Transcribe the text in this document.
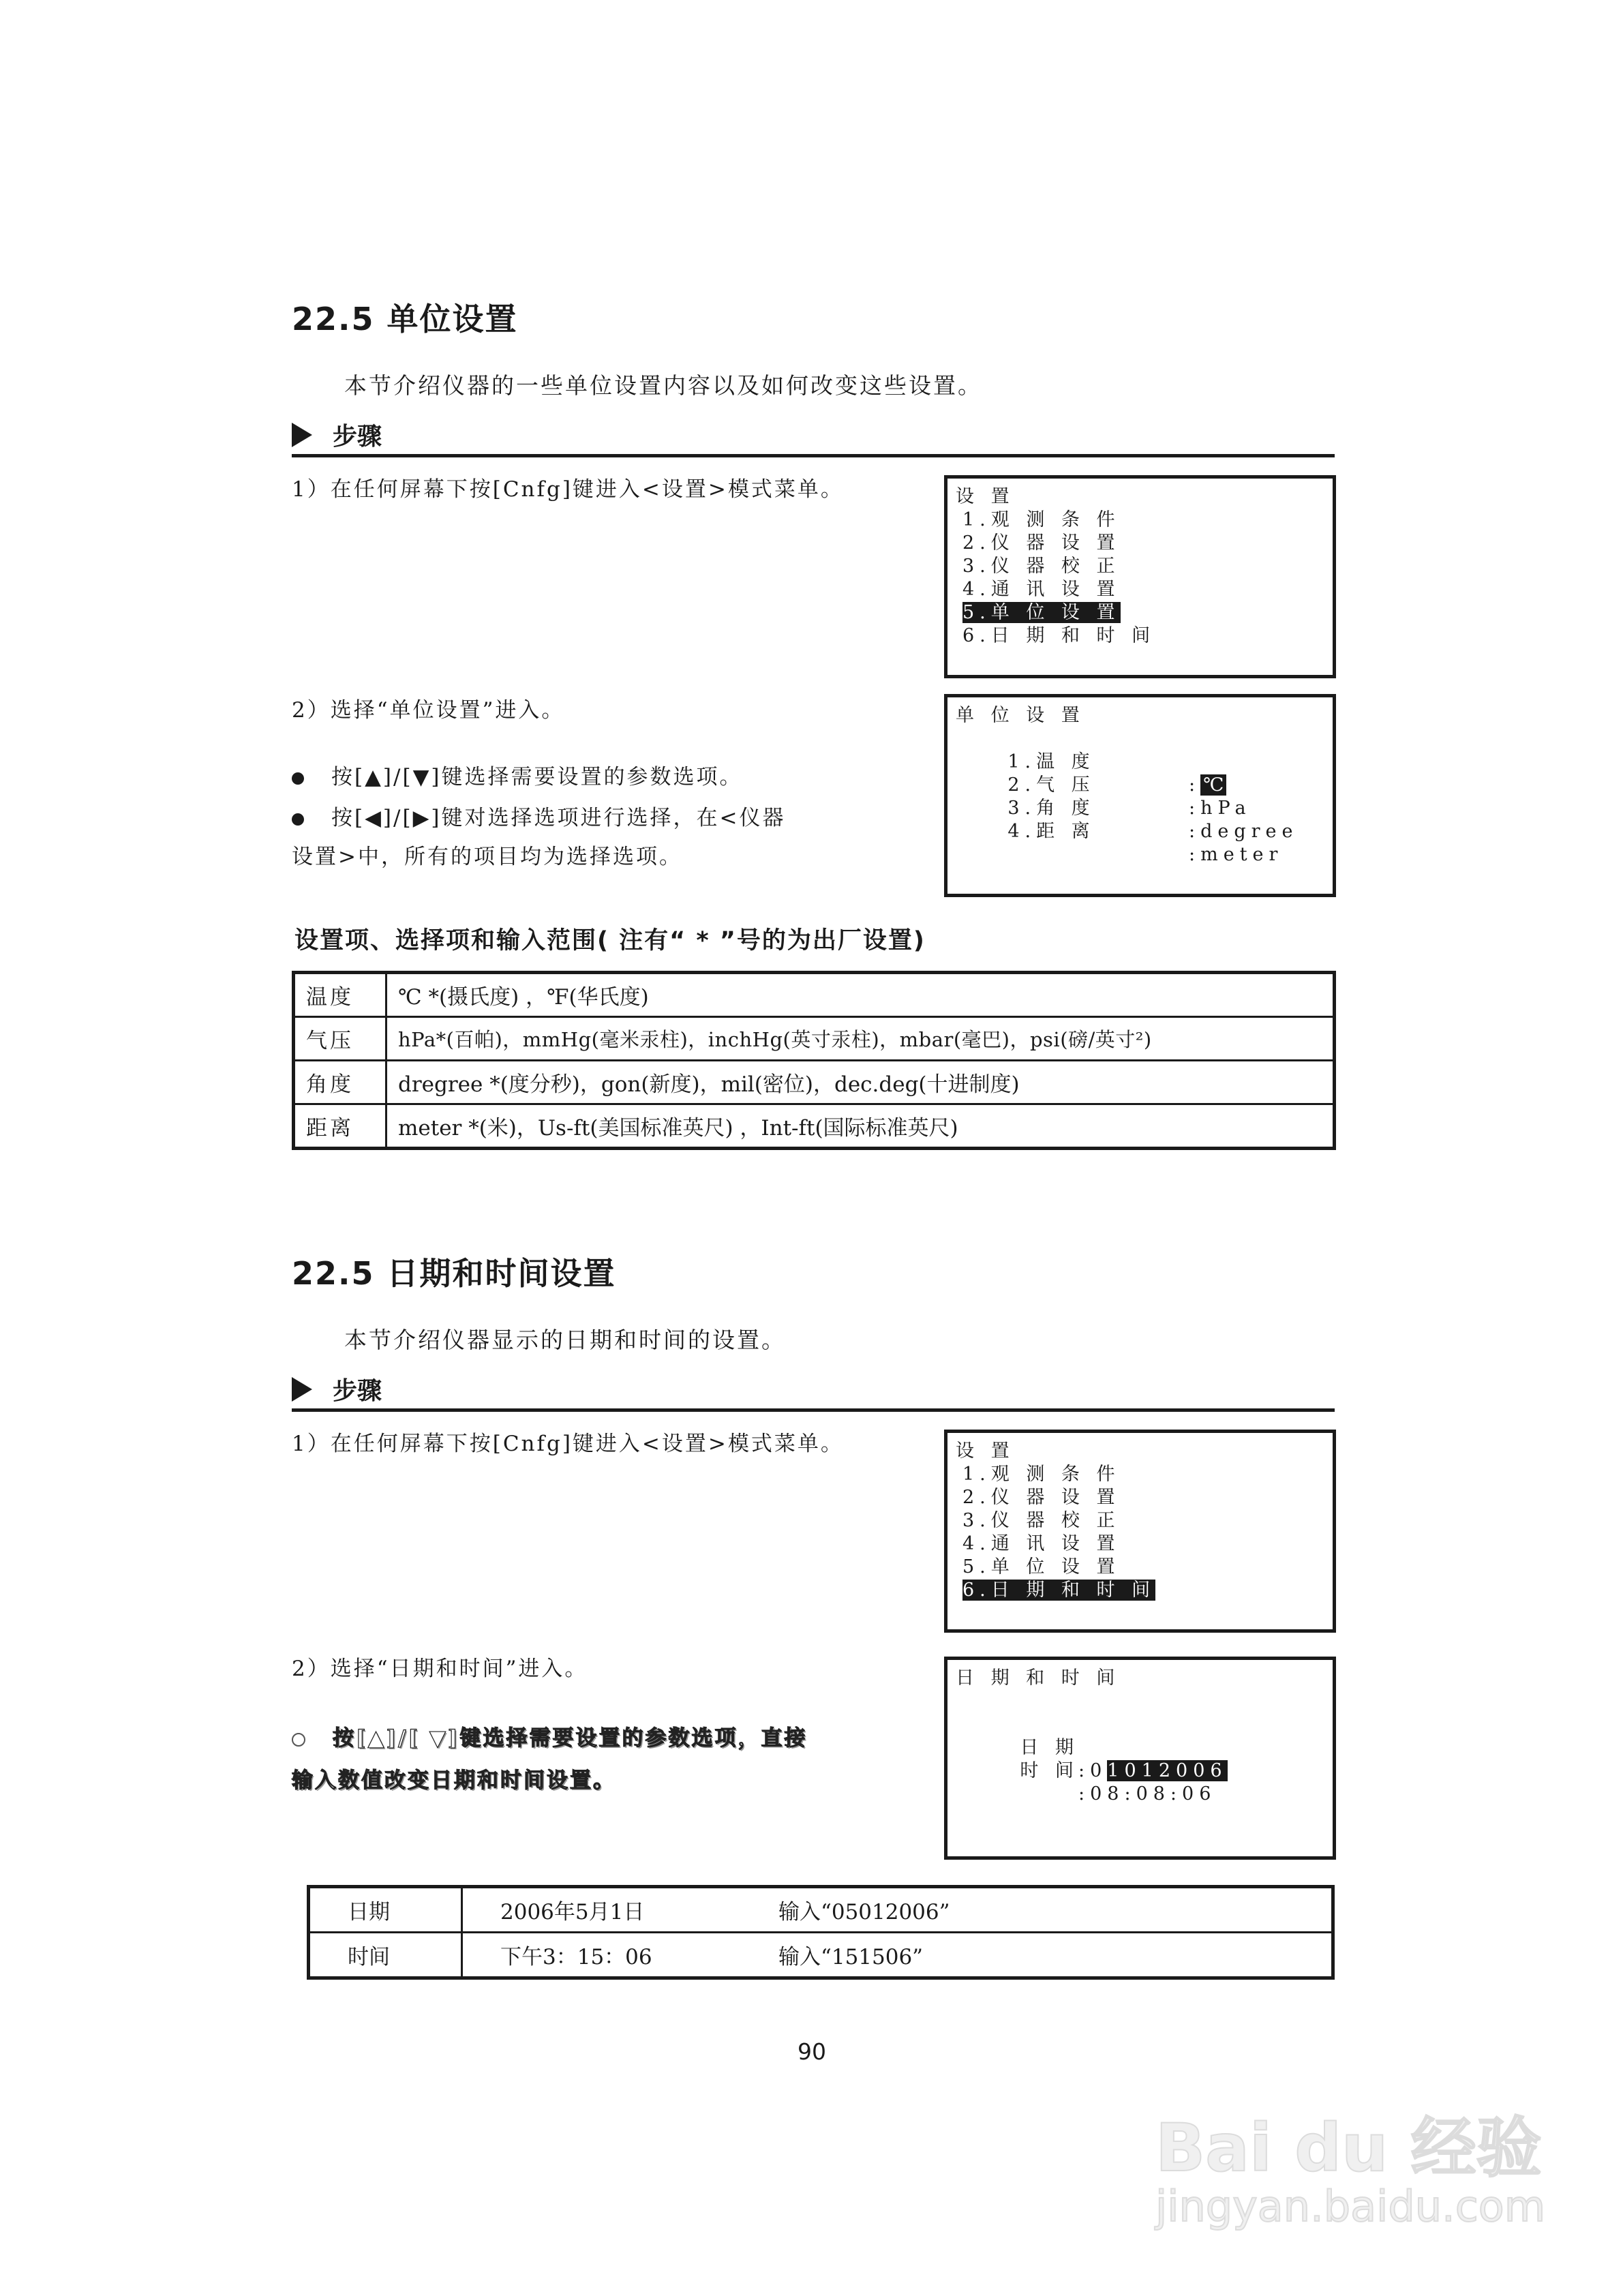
22.5 单位设置
本节介绍仪器的一些单位设置内容以及如何改变这些设置。
步骤
1）在任何屏幕下按[Cnfg]键进入<设置>模式菜单。	设 置
1.观 测 条 件
2.仪 器 设 置
3.仪 器 校 正
4.通 讯 设 置
5.单 位 设 置
6.日 期 和 时 间
2）选择“单位设置”进入。
按[▲]/[▼]键选择需要设置的参数选项。
按[◀]/[▶]键对选择选项进行选择，在<仪器
设置>中，所有的项目均为选择选项。
单 位 设 置

1.温 度

: ℃

2.气 压

:hPa

3.角 度

:degree

4.距 离

:meter

设置项、选择项和输入范围( 注有“ * ”号的为出厂设置)
温度	℃ *(摄氏度) ，℉(华氏度)
气压	hPa*(百帕)，mmHg(毫米汞柱)，inchHg(英寸汞柱)，mbar(毫巴)，psi(磅/英寸²)
角度	dregree *(度分秒)，gon(新度)，mil(密位)，dec.deg(十进制度)
距离	meter *(米)，Us-ft(美国标准英尺) ，Int-ft(国际标准英尺)
22.5 日期和时间设置
本节介绍仪器显示的日期和时间的设置。
步骤
1）在任何屏幕下按[Cnfg]键进入<设置>模式菜单。	设 置
1.观 测 条 件
2.仪 器 设 置
3.仪 器 校 正
4.通 讯 设 置
5.单 位 设 置
6.日 期 和 时 间
2）选择“日期和时间”进入。
按[▲]/[ ▼]键选择需要设置的参数选项，直接
输入数值改变日期和时间设置。
日 期 和 时 间

日 期

:01012006

时 间

:08:08:06

日期	2006年5月1日 输入“05012006”
时间	下午3：15：06 输入“151506”
90
Bai du 经验
jingyan.baidu.com
